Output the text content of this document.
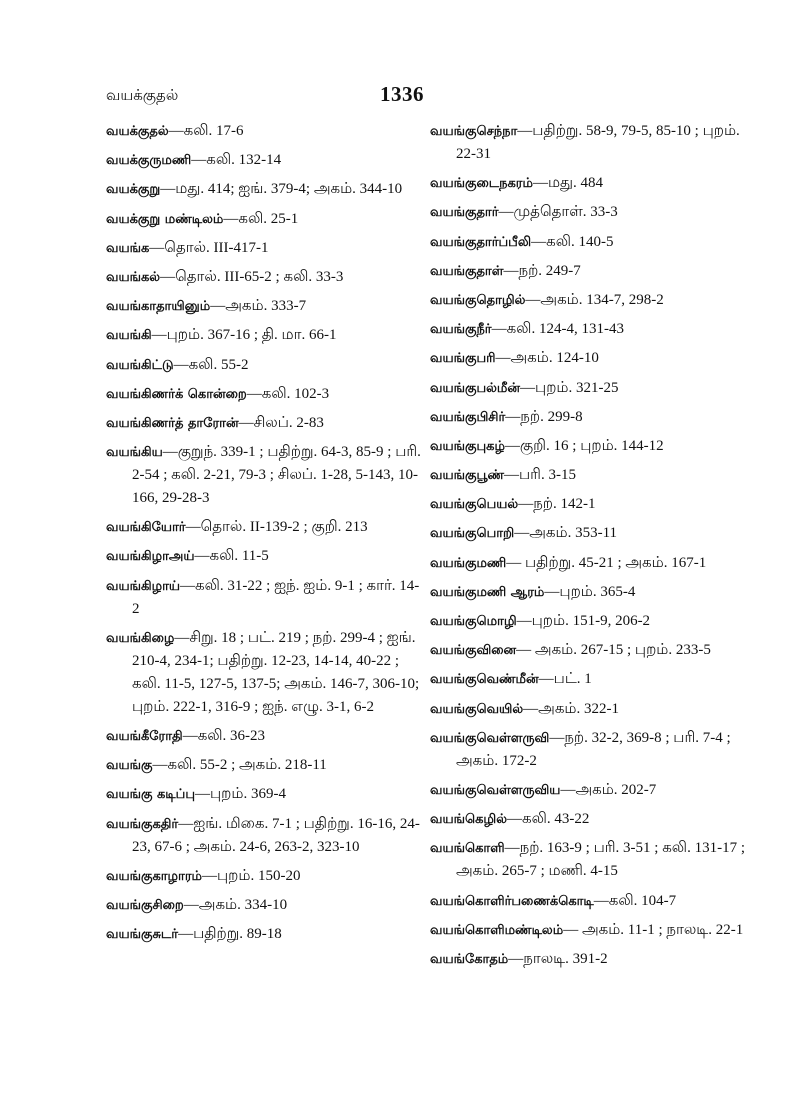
வயக்குதல்	1336
வயக்குதல்—கலி. 17-6
வயக்குருமணி—கலி. 132-14
வயக்குறு—மது. 414; ஐங். 379-4; அகம். 344-10
வயக்குறு மண்டிலம்—கலி. 25-1
வயங்க—தொல். III-417-1
வயங்கல்—தொல். III-65-2 ; கலி. 33-3
வயங்காதாயினும்—அகம். 333-7
வயங்கி—புறம். 367-16 ; தி. மா. 66-1
வயங்கிட்டு—கலி. 55-2
வயங்கிணர்க் கொன்றை—கலி. 102-3
வயங்கிணர்த் தாரோன்—சிலப். 2-83
வயங்கிய—குறுந். 339-1 ; பதிற்று. 64-3, 85-9 ; பரி. 2-54 ; கலி. 2-21, 79-3 ; சிலப். 1-28, 5-143, 10-166, 29-28-3
வயங்கியோர்—தொல். II-139-2 ; குறி. 213
வயங்கிழாஅய்—கலி. 11-5
வயங்கிழாய்—கலி. 31-22 ; ஐந். ஐம். 9-1 ; கார். 14-2
வயங்கிழை—சிறு. 18 ; பட். 219 ; நற். 299-4 ; ஐங். 210-4, 234-1; பதிற்று. 12-23, 14-14, 40-22 ; கலி. 11-5, 127-5, 137-5; அகம். 146-7, 306-10; புறம். 222-1, 316-9 ; ஐந். எழு. 3-1, 6-2
வயங்கீரோதி—கலி. 36-23
வயங்கு—கலி. 55-2 ; அகம். 218-11
வயங்கு கடிப்பு—புறம். 369-4
வயங்குகதிர்—ஐங். மிகை. 7-1 ; பதிற்று. 16-16, 24-23, 67-6 ; அகம். 24-6, 263-2, 323-10
வயங்குகாழாரம்—புறம். 150-20
வயங்குசிறை—அகம். 334-10
வயங்குசுடர்—பதிற்று. 89-18
வயங்குசெந்நா—பதிற்று. 58-9, 79-5, 85-10 ; புறம். 22-31
வயங்குடைநகரம்—மது. 484
வயங்குதார்—முத்தொள். 33-3
வயங்குதார்ப்பீலி—கலி. 140-5
வயங்குதாள்—நற். 249-7
வயங்குதொழில்—அகம். 134-7, 298-2
வயங்குநீர்—கலி. 124-4, 131-43
வயங்குபரி—அகம். 124-10
வயங்குபல்மீன்—புறம். 321-25
வயங்குபிசிர்—நற். 299-8
வயங்குபுகழ்—குறி. 16 ; புறம். 144-12
வயங்குபூண்—பரி. 3-15
வயங்குபெயல்—நற். 142-1
வயங்குபொறி—அகம். 353-11
வயங்குமணி— பதிற்று. 45-21 ; அகம். 167-1
வயங்குமணி ஆரம்—புறம். 365-4
வயங்குமொழி—புறம். 151-9, 206-2
வயங்குவினை— அகம். 267-15 ; புறம். 233-5
வயங்குவெண்மீன்—பட். 1
வயங்குவெயில்—அகம். 322-1
வயங்குவெள்ளருவி—நற். 32-2, 369-8 ; பரி. 7-4 ; அகம். 172-2
வயங்குவெள்ளருவிய—அகம். 202-7
வயங்கெழில்—கலி. 43-22
வயங்கொளி—நற். 163-9 ; பரி. 3-51 ; கலி. 131-17 ; அகம். 265-7 ; மணி. 4-15
வயங்கொளிர்பணைக்கொடி—கலி. 104-7
வயங்கொளிமண்டிலம்— அகம். 11-1 ; நாலடி. 22-1
வயங்கோதம்—நாலடி. 391-2
